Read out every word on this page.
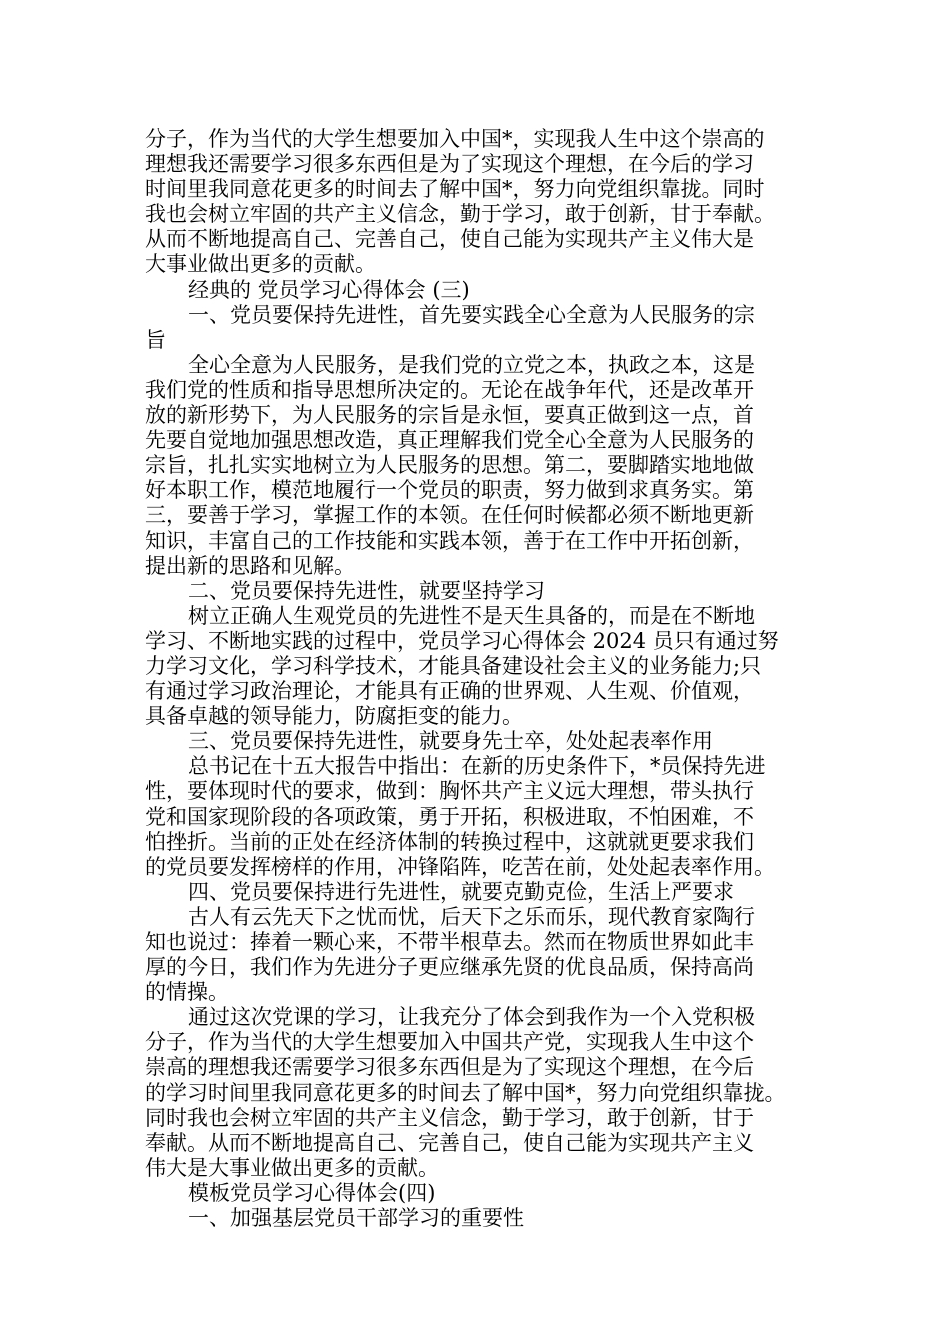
分子，作为当代的大学生想要加入中国*，实现我人生中这个崇高的
理想我还需要学习很多东西但是为了实现这个理想，在今后的学习
时间里我同意花更多的时间去了解中国*，努力向党组织靠拢。同时
我也会树立牢固的共产主义信念，勤于学习，敢于创新，甘于奉献。
从而不断地提高自己、完善自己，使自己能为实现共产主义伟大是
大事业做出更多的贡献。
经典的 党员学习心得体会 (三)
一、党员要保持先进性，首先要实践全心全意为人民服务的宗
旨
全心全意为人民服务，是我们党的立党之本，执政之本，这是
我们党的性质和指导思想所决定的。无论在战争年代，还是改革开
放的新形势下，为人民服务的宗旨是永恒，要真正做到这一点，首
先要自觉地加强思想改造，真正理解我们党全心全意为人民服务的
宗旨，扎扎实实地树立为人民服务的思想。第二，要脚踏实地地做
好本职工作，模范地履行一个党员的职责，努力做到求真务实。第
三，要善于学习，掌握工作的本领。在任何时候都必须不断地更新
知识，丰富自己的工作技能和实践本领，善于在工作中开拓创新，
提出新的思路和见解。
二、党员要保持先进性，就要坚持学习
树立正确人生观党员的先进性不是天生具备的，而是在不断地
学习、不断地实践的过程中，党员学习心得体会 2024 员只有通过努
力学习文化，学习科学技术，才能具备建设社会主义的业务能力;只
有通过学习政治理论，才能具有正确的世界观、人生观、价值观，
具备卓越的领导能力，防腐拒变的能力。
三、党员要保持先进性，就要身先士卒，处处起表率作用
总书记在十五大报告中指出：在新的历史条件下，*员保持先进
性，要体现时代的要求，做到：胸怀共产主义远大理想，带头执行
党和国家现阶段的各项政策，勇于开拓，积极进取，不怕困难，不
怕挫折。当前的正处在经济体制的转换过程中，这就就更要求我们
的党员要发挥榜样的作用，冲锋陷阵，吃苦在前，处处起表率作用。
四、党员要保持进行先进性，就要克勤克俭，生活上严要求
古人有云先天下之忧而忧，后天下之乐而乐，现代教育家陶行
知也说过：捧着一颗心来，不带半根草去。然而在物质世界如此丰
厚的今日，我们作为先进分子更应继承先贤的优良品质，保持高尚
的情操。
通过这次党课的学习，让我充分了体会到我作为一个入党积极
分子，作为当代的大学生想要加入中国共产党，实现我人生中这个
崇高的理想我还需要学习很多东西但是为了实现这个理想，在今后
的学习时间里我同意花更多的时间去了解中国*，努力向党组织靠拢。
同时我也会树立牢固的共产主义信念，勤于学习，敢于创新，甘于
奉献。从而不断地提高自己、完善自己，使自己能为实现共产主义
伟大是大事业做出更多的贡献。
模板党员学习心得体会(四)
一、加强基层党员干部学习的重要性
